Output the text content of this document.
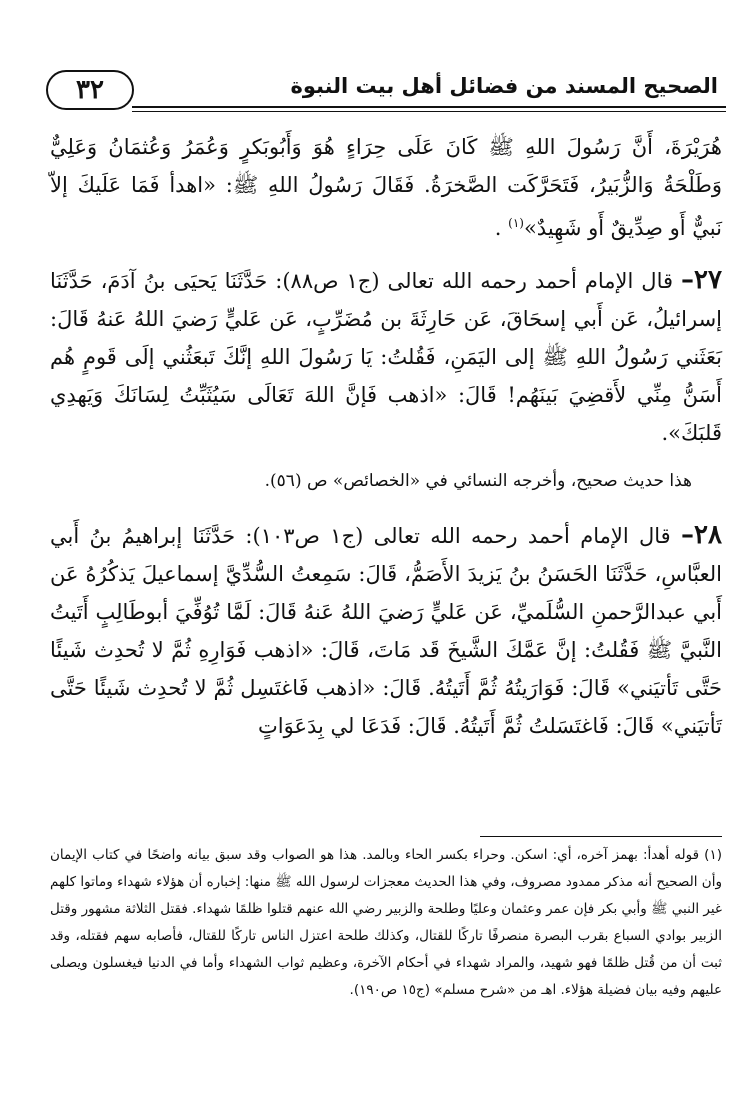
الصحيح المسند من فضائل أهل بيت النبوة
٣٢

هُرَيْرَةَ، أَنَّ رَسُولَ اللهِ ﷺ كَانَ عَلَى حِرَاءٍ هُوَ وَأَبُوبَكرٍ وَعُمَرُ وَعُثمَانُ وَعَلِيٌّ وَطَلْحَةُ وَالزُّبَيرُ، فَتَحَرَّكَت الصَّخرَةُ. فَقَالَ رَسُولُ اللهِ ﷺ: «اهدأ فَمَا عَلَيكَ إلاّ نَبيٌّ أَو صِدِّيقٌ أَو شَهِيدٌ»$^{(١)}$ .

٢٧– قال الإمام أحمد رحمه الله تعالى (ج١ ص٨٨): حَدَّثَنَا يَحيَى بنُ آدَمَ، حَدَّثَنَا إسرائيلُ، عَن أَبي إسحَاقَ، عَن حَارِثَةَ بن مُضَرِّبٍ، عَن عَليٍّ رَضيَ اللهُ عَنهُ قَالَ: بَعَثَني رَسُولُ اللهِ ﷺ إلى اليَمَنِ، فَقُلتُ: يَا رَسُولَ اللهِ إنَّكَ تَبعَثُني إلَى قَومٍ هُم أَسَنُّ مِنِّي لأَقضِيَ بَينَهُم! قَالَ: «اذهب فَإنَّ اللهَ تَعَالَى سَيُثَبِّتُ لِسَانَكَ وَيَهدِي قَلبَكَ».

هذا حديث صحيح، وأخرجه النسائي في «الخصائص» ص (٥٦).

٢٨– قال الإمام أحمد رحمه الله تعالى (ج١ ص١٠٣): حَدَّثَنَا إبراهيمُ بنُ أَبي العبَّاسِ، حَدَّثَنَا الحَسَنُ بنُ يَزيدَ الأَصَمُّ، قَالَ: سَمِعتُ السُّدِّيَّ إسماعيلَ يَذكُرُهُ عَن أَبي عبدالرَّحمنِ السُّلَميِّ، عَن عَليٍّ رَضيَ اللهُ عَنهُ قَالَ: لَمَّا تُوُفِّيَ أبوطَالِبٍ أَتَيتُ النَّبيَّ ﷺ فَقُلتُ: إنَّ عَمَّكَ الشَّيخَ قَد مَاتَ، قَالَ: «اذهب فَوَارِهِ ثُمَّ لا تُحدِث شَيئًا حَتَّى تَأتيَني» قَالَ: فَوَارَيتُهُ ثُمَّ أَتَيتُهُ. قَالَ: «اذهب فَاغتَسِل ثُمَّ لا تُحدِث شَيئًا حَتَّى تَأتيَني» قَالَ: فَاغتَسَلتُ ثُمَّ أَتَيتُهُ. قَالَ: فَدَعَا لي بِدَعَوَاتٍ

(١) قوله أهدأ: بهمز آخره، أي: اسكن. وحراء بكسر الحاء وبالمد. هذا هو الصواب وقد سبق بيانه واضحًا في كتاب الإيمان وأن الصحيح أنه مذكر ممدود مصروف، وفي هذا الحديث معجزات لرسول الله ﷺ منها: إخباره أن هؤلاء شهداء وماتوا كلهم غير النبي ﷺ وأبي بكر فإن عمر وعثمان وعليًا وطلحة والزبير رضي الله عنهم قتلوا ظلمًا شهداء. فقتل الثلاثة مشهور وقتل الزبير بوادي السباع بقرب البصرة منصرفًا تاركًا للقتال، وكذلك طلحة اعتزل الناس تاركًا للقتال، فأصابه سهم فقتله، وقد ثبت أن من قُتل ظلمًا فهو شهيد، والمراد شهداء في أحكام الآخرة، وعظيم ثواب الشهداء وأما في الدنيا فيغسلون ويصلى عليهم وفيه بيان فضيلة هؤلاء. اهـ من «شرح مسلم» (ج١٥ ص١٩٠).
